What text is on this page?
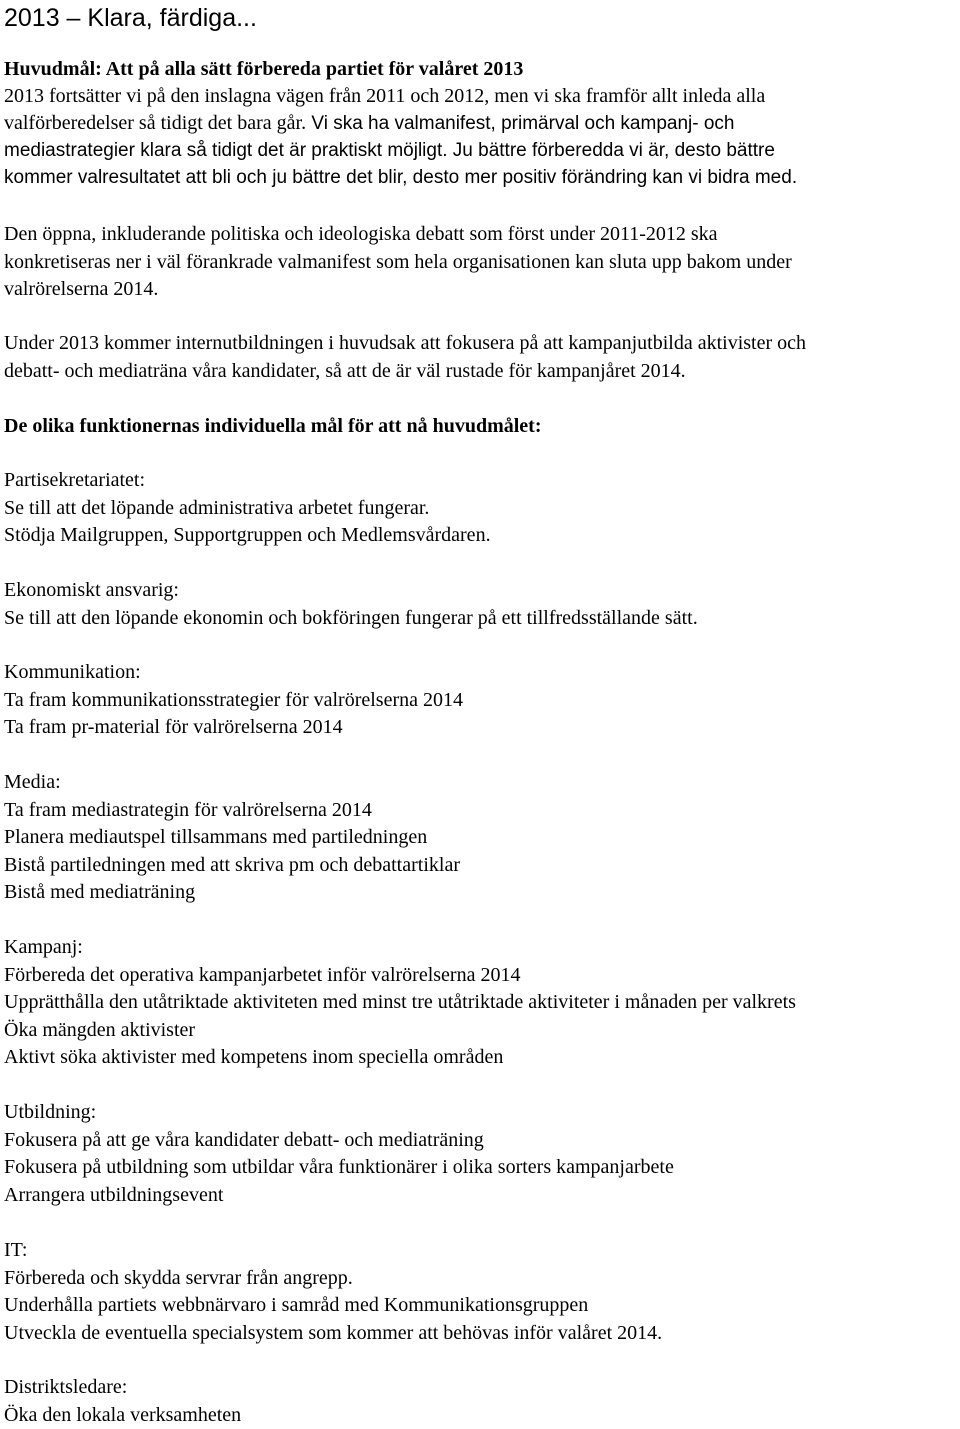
2013 – Klara, färdiga...

Huvudmål: Att på alla sätt förbereda partiet för valåret 2013

2013 fortsätter vi på den inslagna vägen från 2011 och 2012, men vi ska framför allt inleda alla
valförberedelser så tidigt det bara går. Vi ska ha valmanifest, primärval och kampanj- och
mediastrategier klara så tidigt det är praktiskt möjligt. Ju bättre förberedda vi är, desto bättre
kommer valresultatet att bli och ju bättre det blir, desto mer positiv förändring kan vi bidra med.

Den öppna, inkluderande politiska och ideologiska debatt som först under 2011-2012 ska
konkretiseras ner i väl förankrade valmanifest som hela organisationen kan sluta upp bakom under
valrörelserna 2014.

Under 2013 kommer internutbildningen i huvudsak att fokusera på att kampanjutbilda aktivister och
debatt- och mediaträna våra kandidater, så att de är väl rustade för kampanjåret 2014.

De olika funktionernas individuella mål för att nå huvudmålet:

Partisekretariatet:

Se till att det löpande administrativa arbetet fungerar.
Stödja Mailgruppen, Supportgruppen och Medlemsvårdaren.

Ekonomiskt ansvarig:

Se till att den löpande ekonomin och bokföringen fungerar på ett tillfredsställande sätt.

Kommunikation:

Ta fram kommunikationsstrategier för valrörelserna 2014
Ta fram pr-material för valrörelserna 2014

Media:

Ta fram mediastrategin för valrörelserna 2014
Planera mediautspel tillsammans med partiledningen
Bistå partiledningen med att skriva pm och debattartiklar
Bistå med mediaträning

Kampanj:

Förbereda det operativa kampanjarbetet inför valrörelserna 2014
Upprätthålla den utåtriktade aktiviteten med minst tre utåtriktade aktiviteter i månaden per valkrets
Öka mängden aktivister
Aktivt söka aktivister med kompetens inom speciella områden

Utbildning:

Fokusera på att ge våra kandidater debatt- och mediaträning
Fokusera på utbildning som utbildar våra funktionärer i olika sorters kampanjarbete
Arrangera utbildningsevent

IT:

Förbereda och skydda servrar från angrepp.
Underhålla partiets webbnärvaro i samråd med Kommunikationsgruppen
Utveckla de eventuella specialsystem som kommer att behövas inför valåret 2014.

Distriktsledare:

Öka den lokala verksamheten
